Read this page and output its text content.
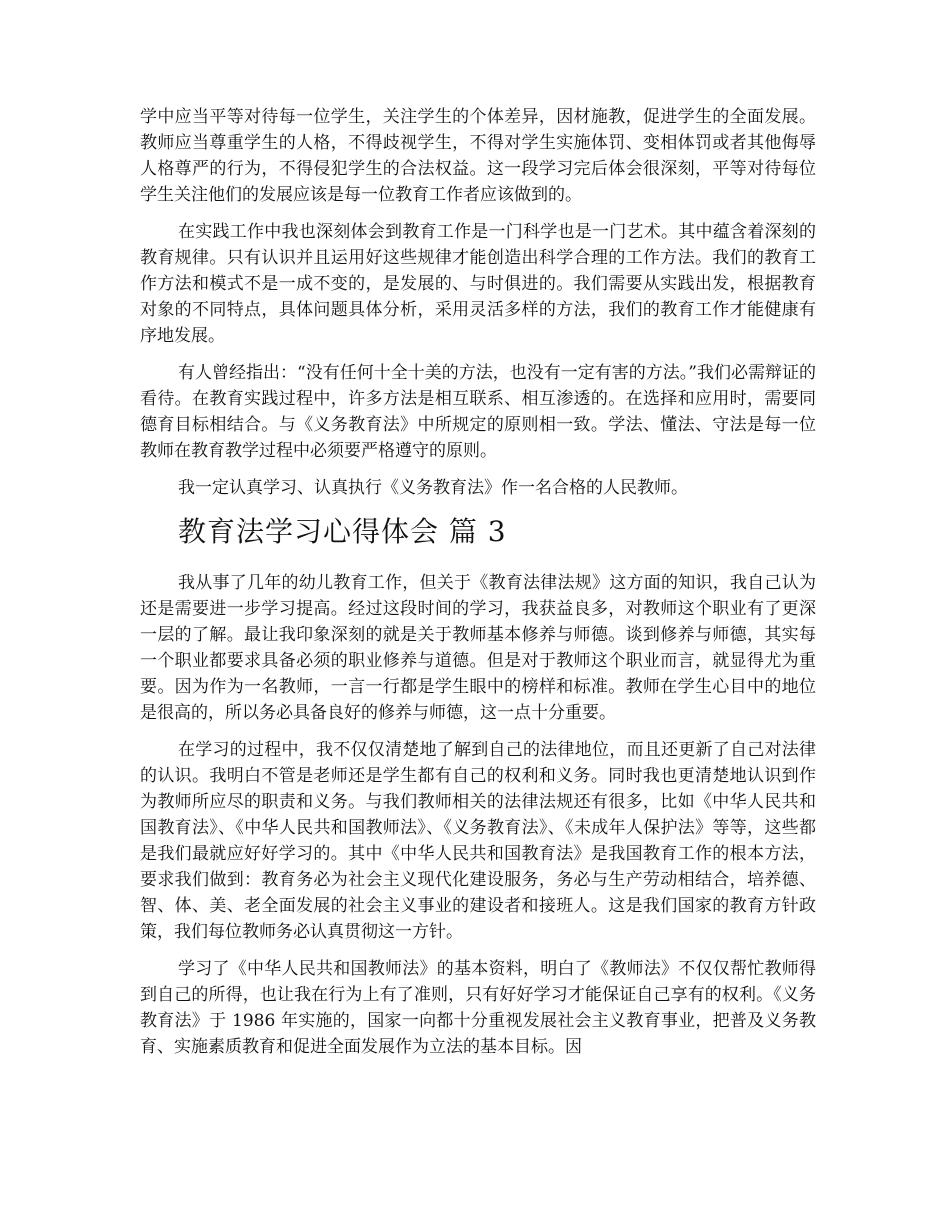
学中应当平等对待每一位学生，关注学生的个体差异，因材施教，促进学生的全面发展。教师应当尊重学生的人格，不得歧视学生，不得对学生实施体罚、变相体罚或者其他侮辱人格尊严的行为，不得侵犯学生的合法权益。这一段学习完后体会很深刻，平等对待每位学生关注他们的发展应该是每一位教育工作者应该做到的。

在实践工作中我也深刻体会到教育工作是一门科学也是一门艺术。其中蕴含着深刻的教育规律。只有认识并且运用好这些规律才能创造出科学合理的工作方法。我们的教育工作方法和模式不是一成不变的，是发展的、与时俱进的。我们需要从实践出发，根据教育对象的不同特点，具体问题具体分析，采用灵活多样的方法，我们的教育工作才能健康有序地发展。

有人曾经指出：“没有任何十全十美的方法，也没有一定有害的方法。”我们必需辩证的看待。在教育实践过程中，许多方法是相互联系、相互渗透的。在选择和应用时，需要同德育目标相结合。与《义务教育法》中所规定的原则相一致。学法、懂法、守法是每一位教师在教育教学过程中必须要严格遵守的原则。

我一定认真学习、认真执行《义务教育法》作一名合格的人民教师。

教育法学习心得体会 篇 3

我从事了几年的幼儿教育工作，但关于《教育法律法规》这方面的知识，我自己认为还是需要进一步学习提高。经过这段时间的学习，我获益良多，对教师这个职业有了更深一层的了解。最让我印象深刻的就是关于教师基本修养与师德。谈到修养与师德，其实每一个职业都要求具备必须的职业修养与道德。但是对于教师这个职业而言，就显得尤为重要。因为作为一名教师，一言一行都是学生眼中的榜样和标准。教师在学生心目中的地位是很高的，所以务必具备良好的修养与师德，这一点十分重要。

在学习的过程中，我不仅仅清楚地了解到自己的法律地位，而且还更新了自己对法律的认识。我明白不管是老师还是学生都有自己的权利和义务。同时我也更清楚地认识到作为教师所应尽的职责和义务。与我们教师相关的法律法规还有很多，比如《中华人民共和国教育法》、《中华人民共和国教师法》、《义务教育法》、《未成年人保护法》等等，这些都是我们最就应好好学习的。其中《中华人民共和国教育法》是我国教育工作的根本方法，要求我们做到：教育务必为社会主义现代化建设服务，务必与生产劳动相结合，培养德、智、体、美、老全面发展的社会主义事业的建设者和接班人。这是我们国家的教育方针政策，我们每位教师务必认真贯彻这一方针。

学习了《中华人民共和国教师法》的基本资料，明白了《教师法》不仅仅帮忙教师得到自己的所得，也让我在行为上有了准则，只有好好学习才能保证自己享有的权利。《义务教育法》于 1986 年实施的，国家一向都十分重视发展社会主义教育事业，把普及义务教育、实施素质教育和促进全面发展作为立法的基本目标。因
